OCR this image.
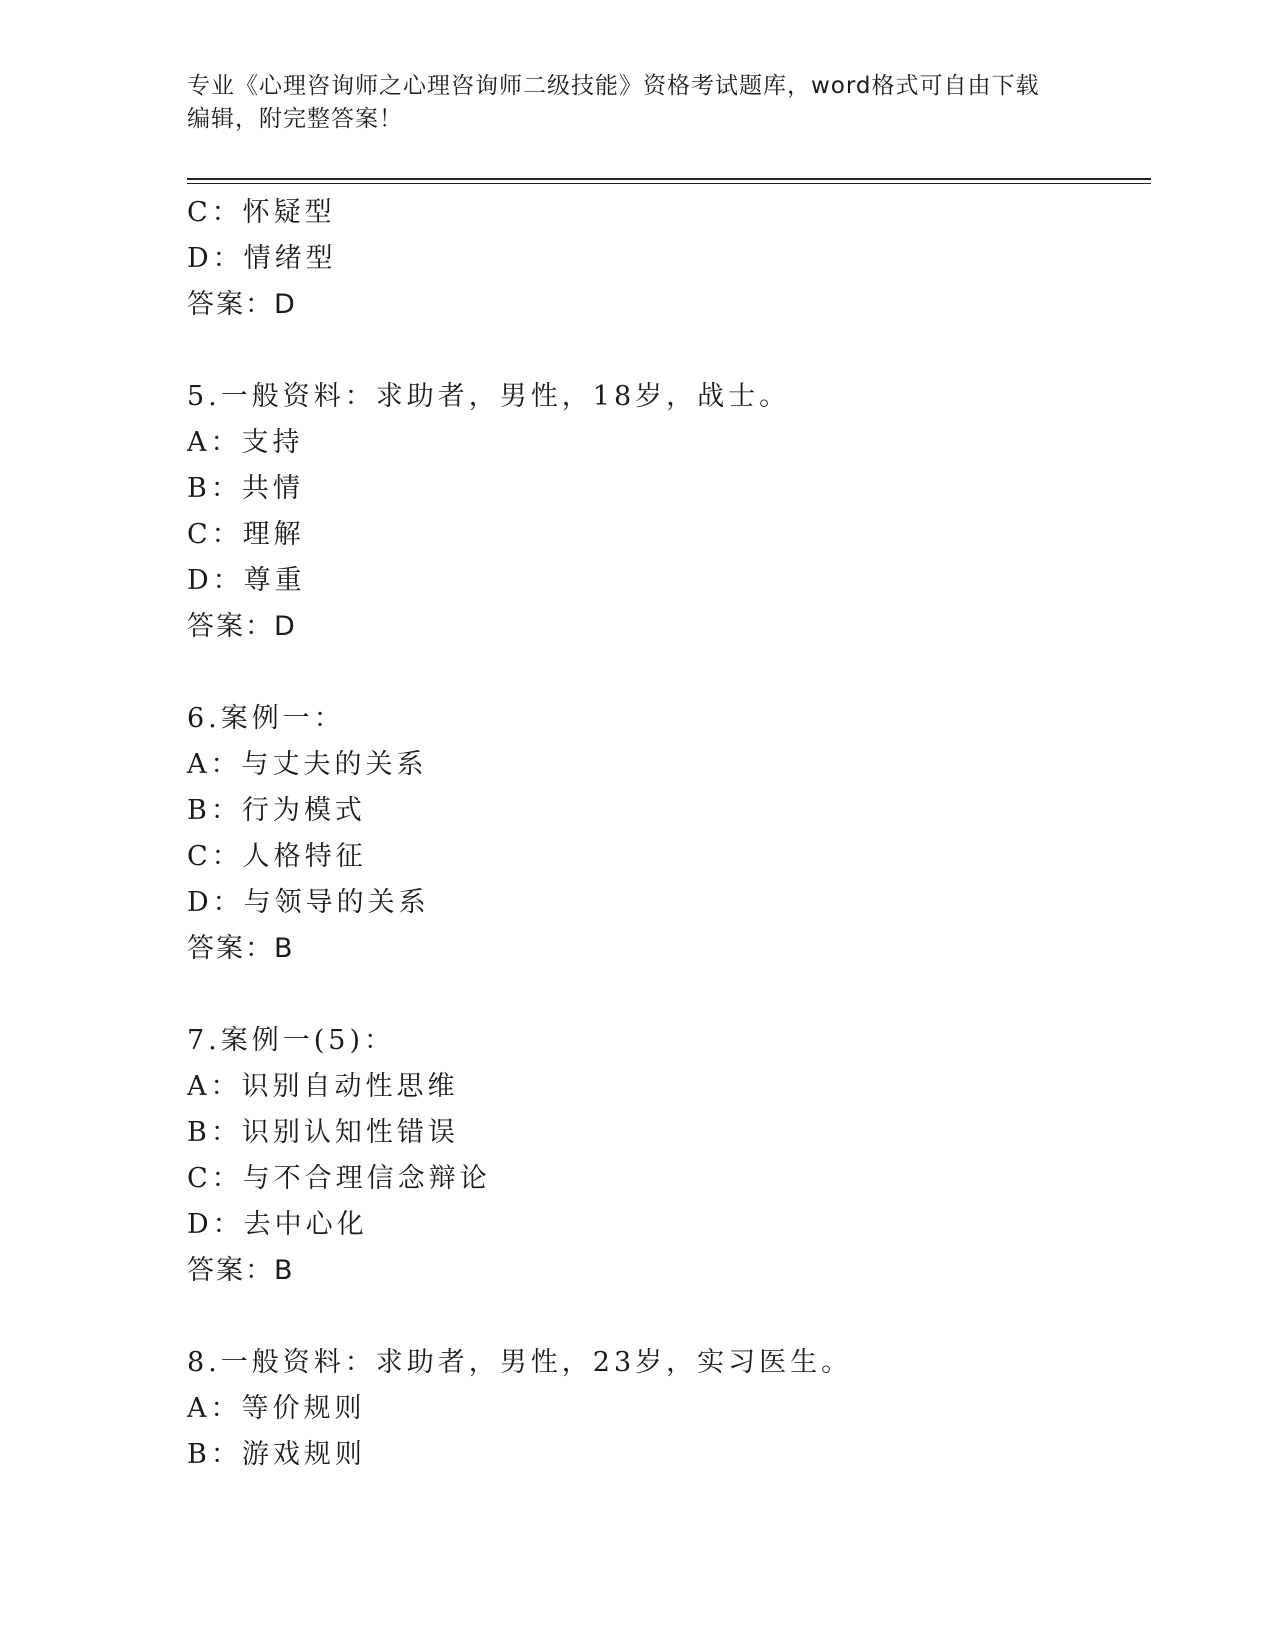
专业《心理咨询师之心理咨询师二级技能》资格考试题库，word格式可自由下载
编辑，附完整答案！
C：怀疑型
D：情绪型
答案：D
5.一般资料：求助者，男性，18岁，战士。
A：支持
B：共情
C：理解
D：尊重
答案：D
6.案例一：
A：与丈夫的关系
B：行为模式
C：人格特征
D：与领导的关系
答案：B
7.案例一(5)：
A：识别自动性思维
B：识别认知性错误
C：与不合理信念辩论
D：去中心化
答案：B
8.一般资料：求助者，男性，23岁，实习医生。
A：等价规则
B：游戏规则
